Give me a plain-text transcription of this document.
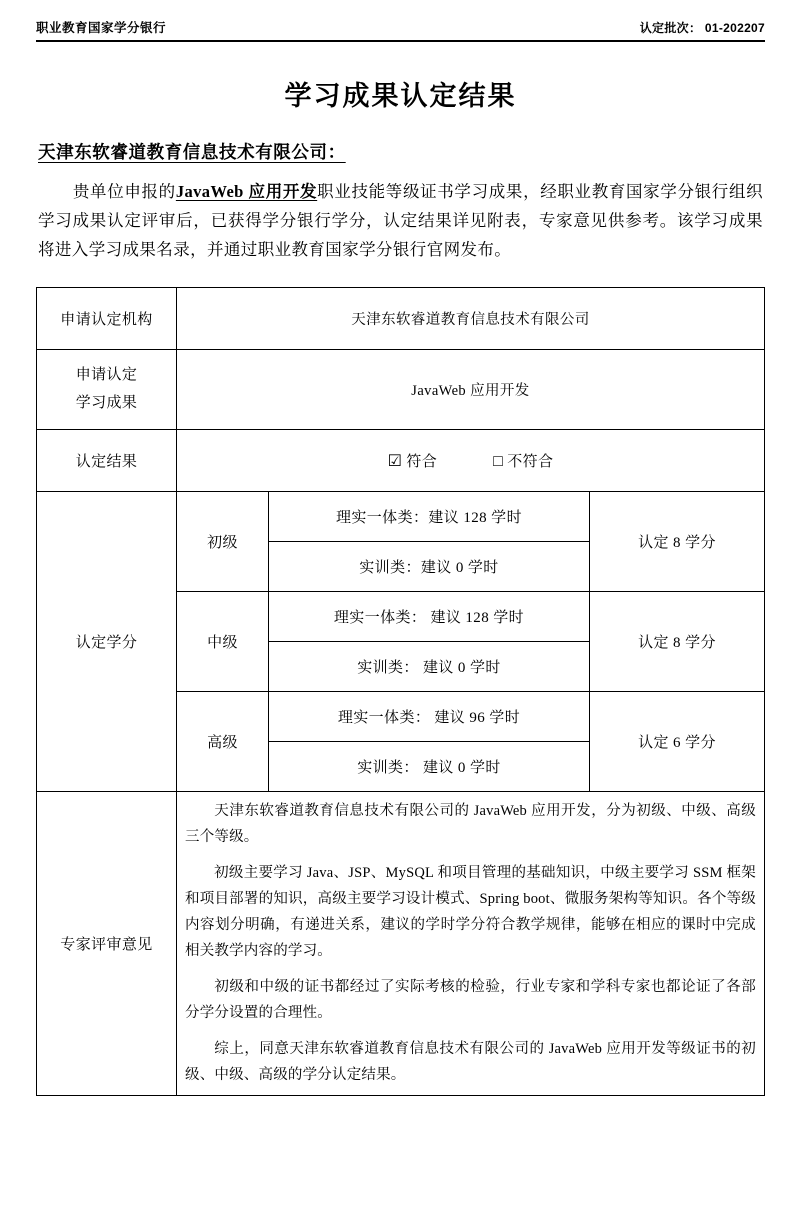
职业教育国家学分银行	认定批次： 01-202207
学习成果认定结果
天津东软睿道教育信息技术有限公司：
贵单位申报的JavaWeb 应用开发职业技能等级证书学习成果，经职业教育国家学分银行组织学习成果认定评审后，已获得学分银行学分，认定结果详见附表，专家意见供参考。该学习成果将进入学习成果名录，并通过职业教育国家学分银行官网发布。
申请认定机构	天津东软睿道教育信息技术有限公司		

申请认定
学习成果	JavaWeb 应用开发		
认定结果	☑ 符合 □ 不符合		
认定学分	初级	理实一体类：建议 128 学时	认定 8 学分
		实训类：建议 0 学时	
	中级	理实一体类： 建议 128 学时	认定 8 学分
		实训类： 建议 0 学时	
	高级	理实一体类： 建议 96 学时	认定 6 学分
		实训类： 建议 0 学时	
专家评审意见	天津东软睿道教育信息技术有限公司的 JavaWeb 应用开发，分为初级、中级、高级三个等级。

初级主要学习 Java、JSP、MySQL 和项目管理的基础知识，中级主要学习 SSM 框架和项目部署的知识，高级主要学习设计模式、Spring boot、微服务架构等知识。各个等级内容划分明确，有递进关系，建议的学时学分符合教学规律，能够在相应的课时中完成相关教学内容的学习。

初级和中级的证书都经过了实际考核的检验，行业专家和学科专家也都论证了各部分学分设置的合理性。

综上，同意天津东软睿道教育信息技术有限公司的 JavaWeb 应用开发等级证书的初级、中级、高级的学分认定结果。		
